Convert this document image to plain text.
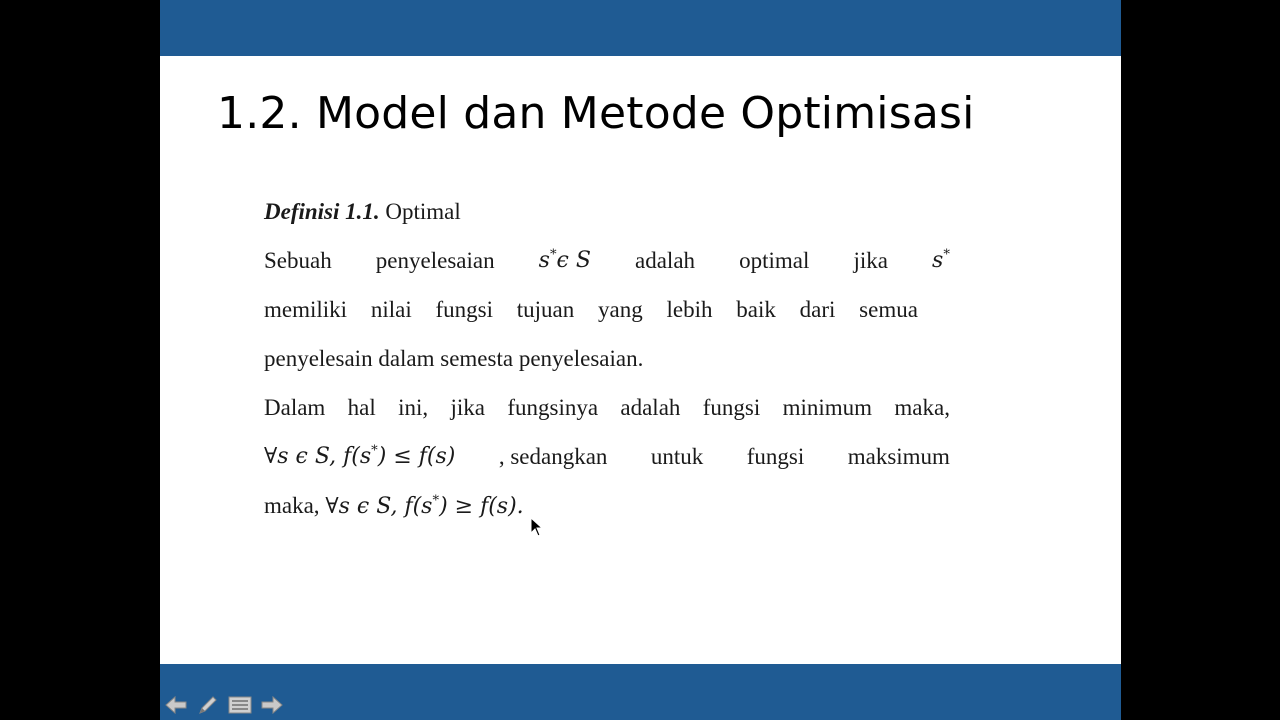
1.2. Model dan Metode Optimisasi
Definisi 1.1. Optimal
Sebuah penyelesaian s*ϵ S adalah optimal jika s*
memiliki nilai fungsi tujuan yang lebih baik dari semua
penyelesain dalam semesta penyelesaian.
Dalam hal ini, jika fungsinya adalah fungsi minimum maka,
∀s ϵ S, f(s*) ≤ f(s) , sedangkan untuk fungsi maksimum
maka, ∀s ϵ S, f(s*) ≥ f(s).
